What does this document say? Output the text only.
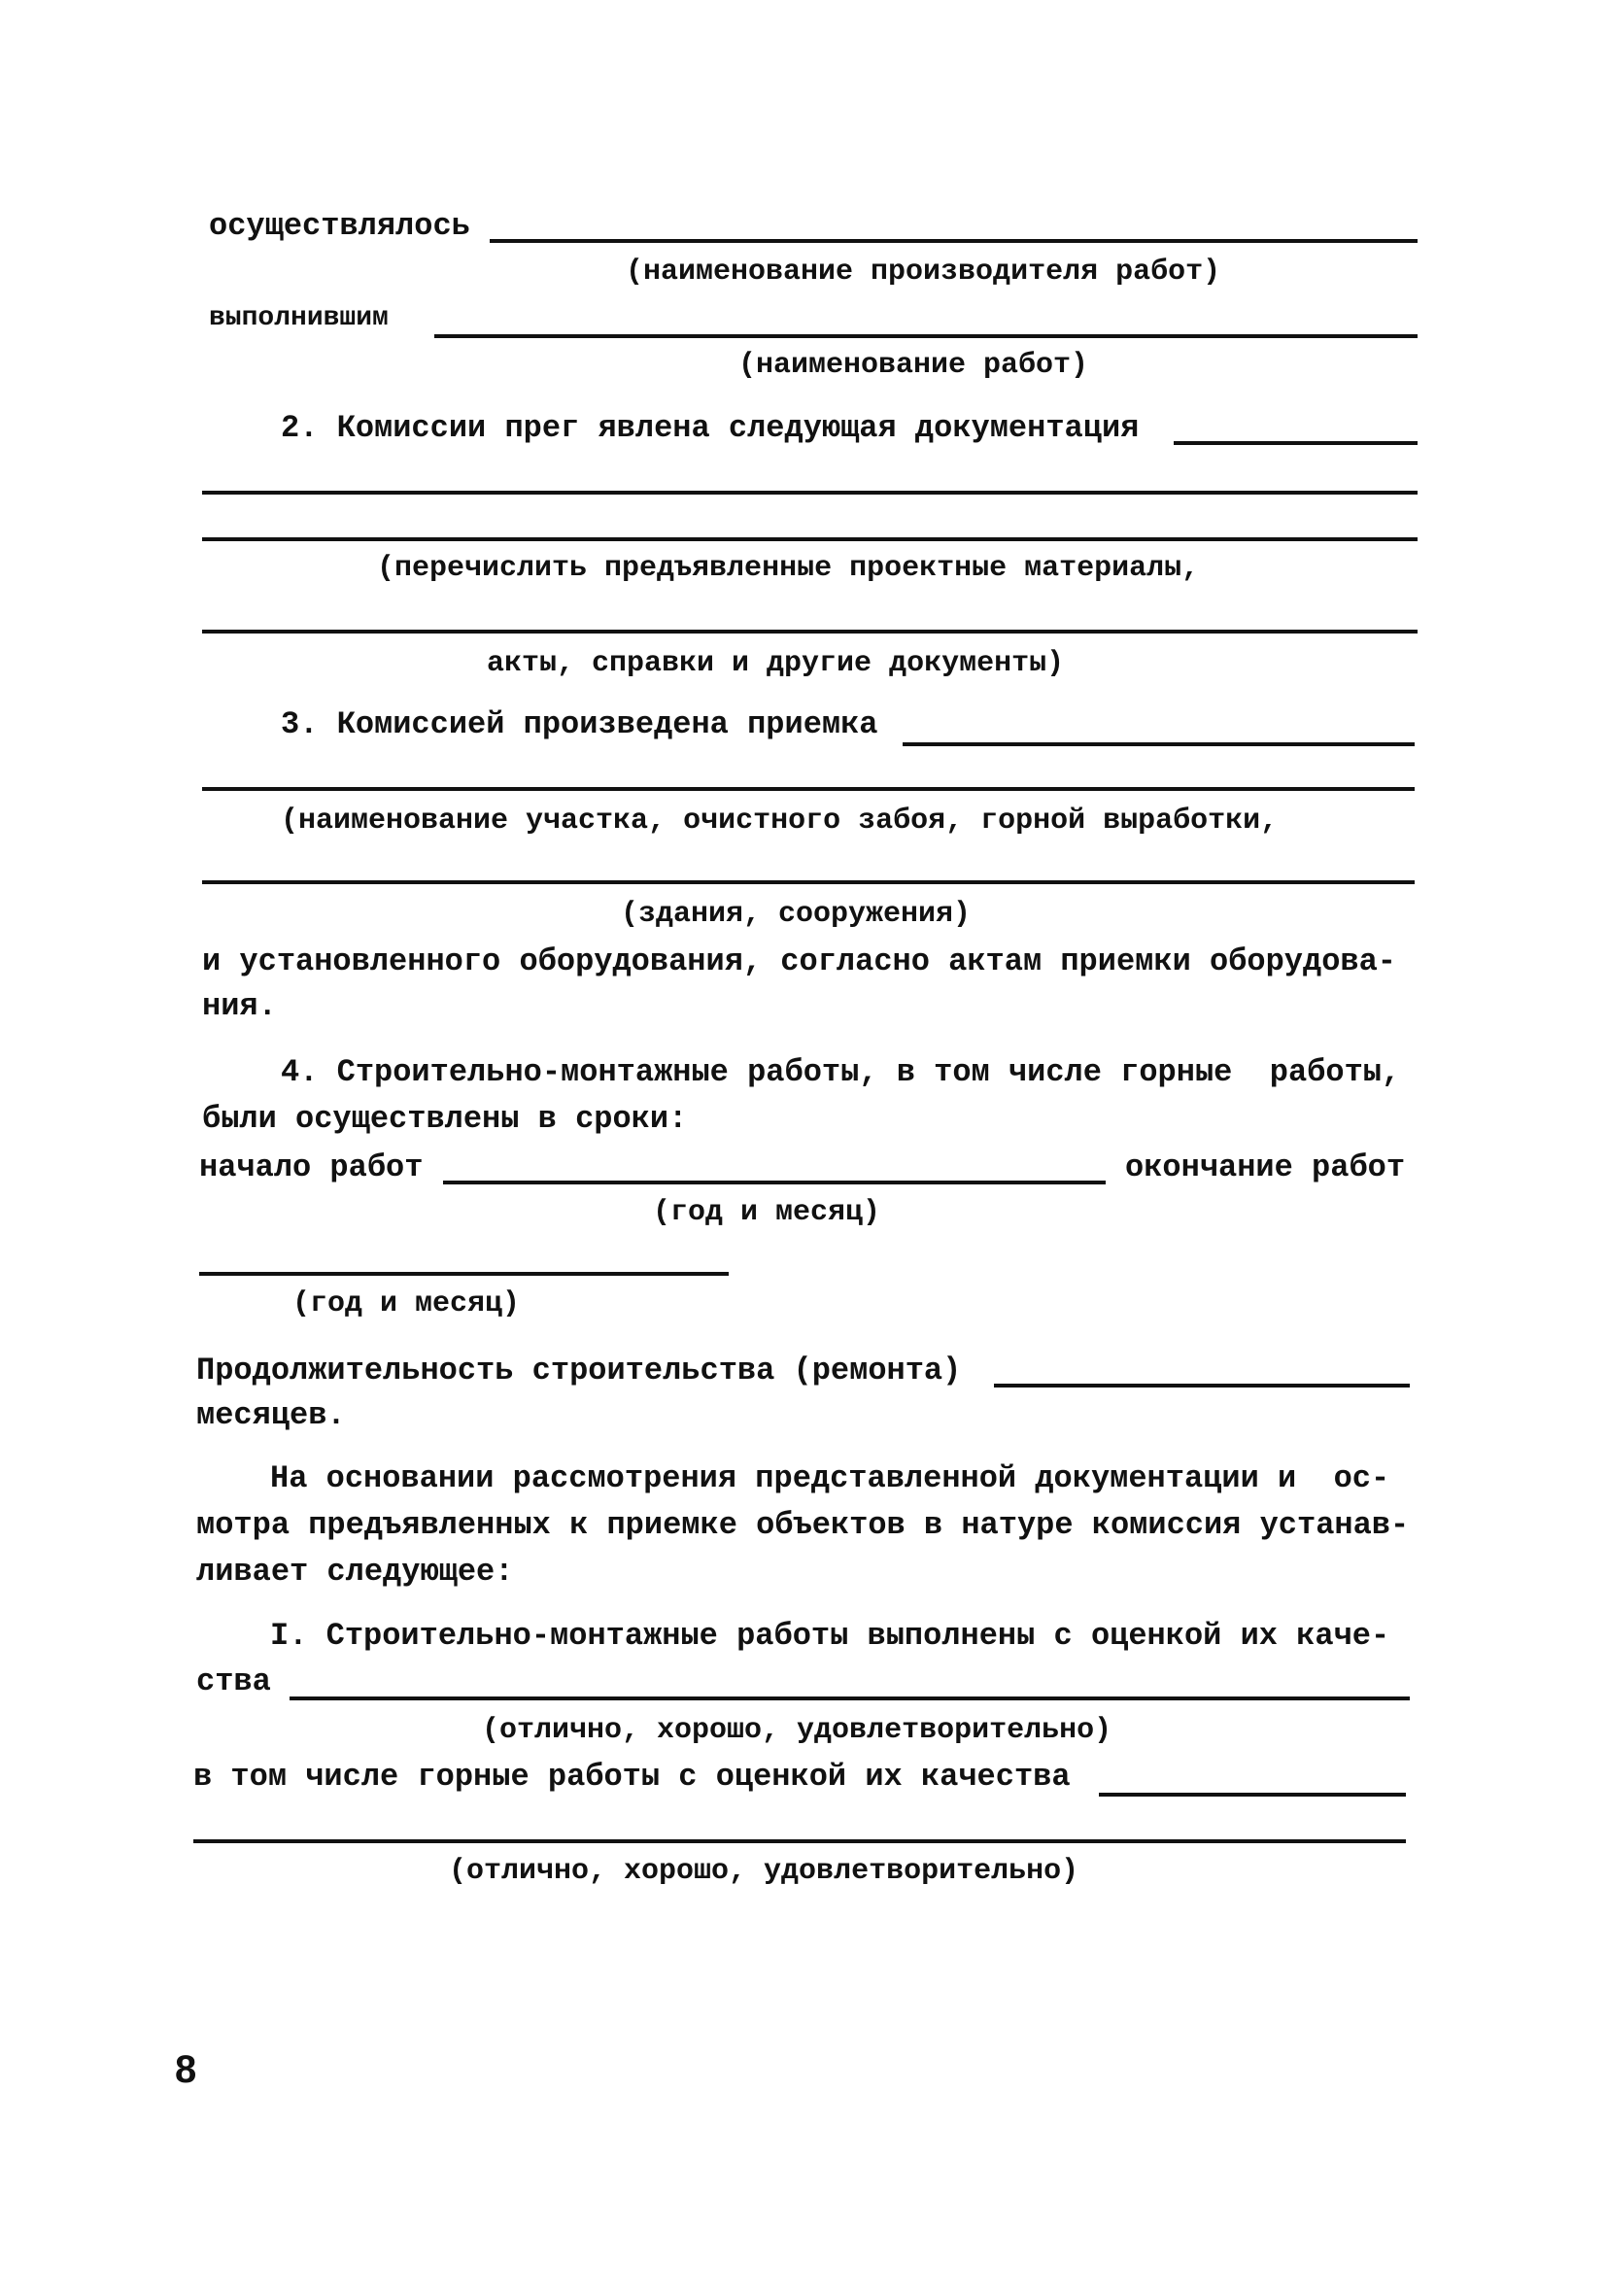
осуществлялось
(наименование производителя работ)
выполнившим
(наименование работ)
2. Комиссии прег явлена следующая документация
(перечислить предъявленные проектные материалы,
акты, справки и другие документы)
3. Комиссией произведена приемка
(наименование участка, очистного забоя, горной выработки,
(здания, сооружения)
и установленного оборудования, согласно актам приемки оборудова-
ния.
4. Строительно-монтажные работы, в том числе горные  работы,
были осуществлены в сроки:
начало работ	окончание работ
(год и месяц)
(год и месяц)
Продолжительность строительства (ремонта)
месяцев.
На основании рассмотрения представленной документации и  ос-
мотра предъявленных к приемке объектов в натуре комиссия устанав-
ливает следующее:
I. Строительно-монтажные работы выполнены с оценкой их каче-
ства
(отлично, хорошо, удовлетворительно)
в том числе горные работы с оценкой их качества
(отлично, хорошо, удовлетворительно)
8
